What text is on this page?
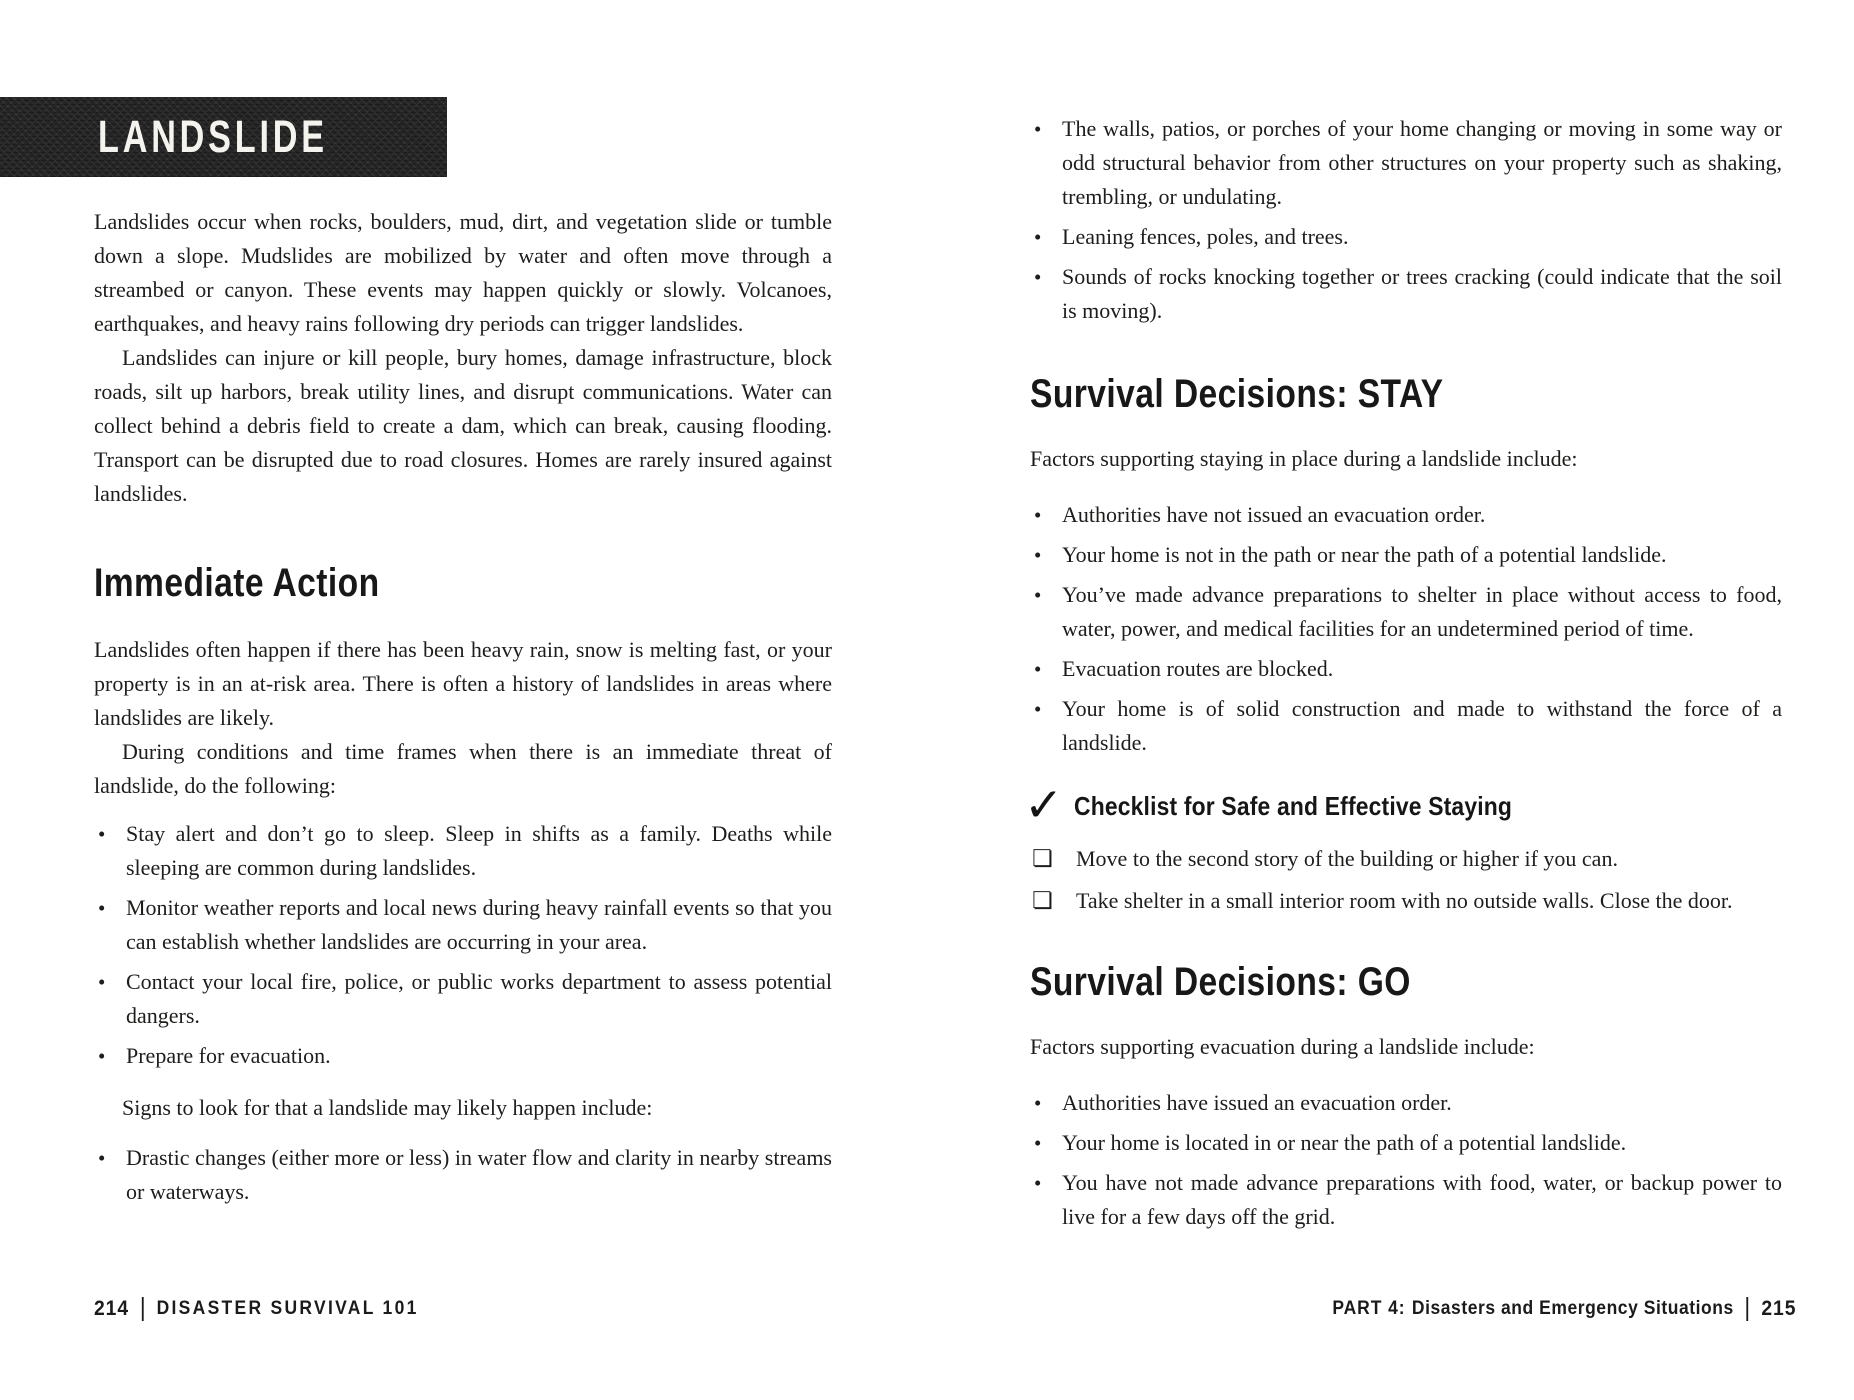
LANDSLIDE

Landslides occur when rocks, boulders, mud, dirt, and vegetation slide or tumble down a slope. Mudslides are mobilized by water and often move through a streambed or canyon. These events may happen quickly or slowly. Volcanoes, earthquakes, and heavy rains following dry periods can trigger landslides.

Landslides can injure or kill people, bury homes, damage infrastructure, block roads, silt up harbors, break utility lines, and disrupt communications. Water can collect behind a debris field to create a dam, which can break, causing flooding. Transport can be disrupted due to road closures. Homes are rarely insured against landslides.

Immediate Action

Landslides often happen if there has been heavy rain, snow is melting fast, or your property is in an at-risk area. There is often a history of landslides in areas where landslides are likely.

During conditions and time frames when there is an immediate threat of landslide, do the following:

• Stay alert and don’t go to sleep. Sleep in shifts as a family. Deaths while sleeping are common during landslides.
• Monitor weather reports and local news during heavy rainfall events so that you can establish whether landslides are occurring in your area.
• Contact your local fire, police, or public works department to assess potential dangers.
• Prepare for evacuation.

Signs to look for that a landslide may likely happen include:

• Drastic changes (either more or less) in water flow and clarity in nearby streams or waterways.
214 DISASTER SURVIVAL 101
• The walls, patios, or porches of your home changing or moving in some way or odd structural behavior from other structures on your property such as shaking, trembling, or undulating.
• Leaning fences, poles, and trees.
• Sounds of rocks knocking together or trees cracking (could indicate that the soil is moving).
Survival Decisions: STAY

Factors supporting staying in place during a landslide include:

• Authorities have not issued an evacuation order.
• Your home is not in the path or near the path of a potential landslide.
• You’ve made advance preparations to shelter in place without access to food, water, power, and medical facilities for an undetermined period of time.
• Evacuation routes are blocked.
• Your home is of solid construction and made to withstand the force of a landslide.
✓ Checklist for Safe and Effective Staying
❏	Move to the second story of the building or higher if you can.
❏	Take shelter in a small interior room with no outside walls. Close the door.
Survival Decisions: GO

Factors supporting evacuation during a landslide include:

• Authorities have issued an evacuation order.
• Your home is located in or near the path of a potential landslide.
• You have not made advance preparations with food, water, or backup power to live for a few days off the grid.
PART 4: Disasters and Emergency Situations 215
